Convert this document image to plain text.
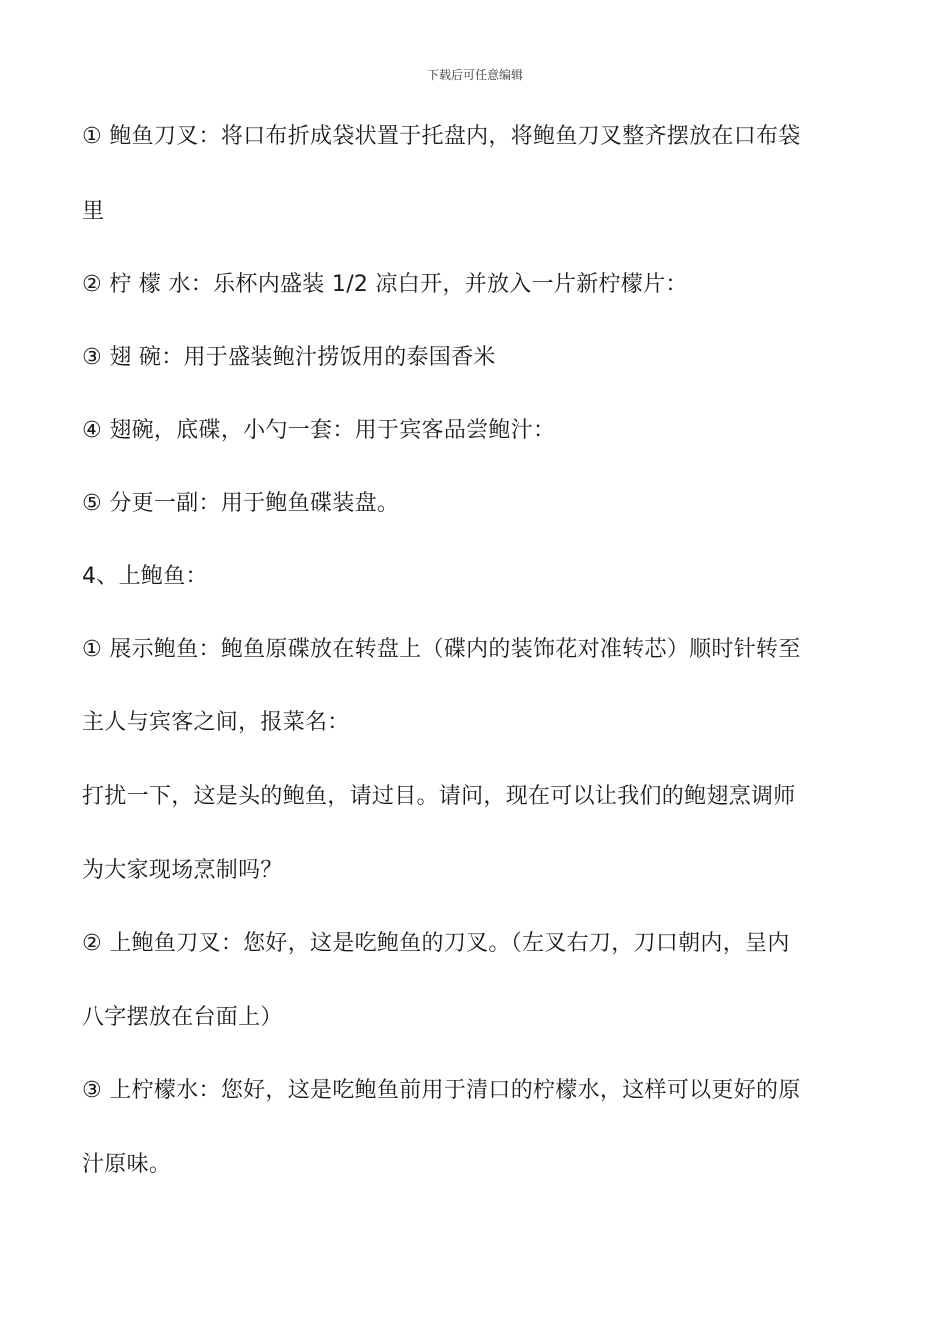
下载后可任意编辑
① 鲍鱼刀叉：将口布折成袋状置于托盘内，将鲍鱼刀叉整齐摆放在口布袋
里
② 柠 檬 水：乐杯内盛装 1/2 凉白开，并放入一片新柠檬片：
③ 翅 碗：用于盛装鲍汁捞饭用的泰国香米
④ 翅碗，底碟，小勺一套：用于宾客品尝鲍汁：
⑤ 分更一副：用于鲍鱼碟装盘。
4、上鲍鱼：
① 展示鲍鱼：鲍鱼原碟放在转盘上（碟内的装饰花对准转芯）顺时针转至
主人与宾客之间，报菜名：
打扰一下，这是头的鲍鱼，请过目。请问，现在可以让我们的鲍翅烹调师
为大家现场烹制吗？
② 上鲍鱼刀叉：您好，这是吃鲍鱼的刀叉。（左叉右刀，刀口朝内，呈内
八字摆放在台面上）
③ 上柠檬水：您好，这是吃鲍鱼前用于清口的柠檬水，这样可以更好的原
汁原味。
